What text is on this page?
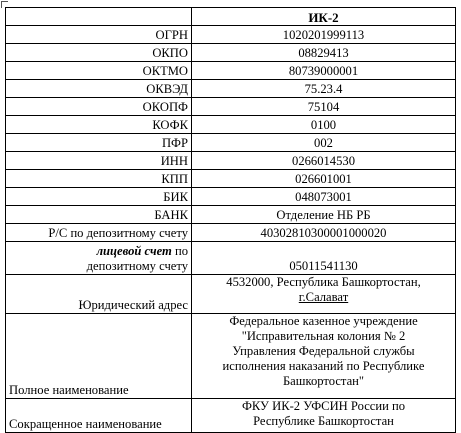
	ИК-2
ОГРН	1020201999113
ОКПО	08829413
ОКТМО	80739000001
ОКВЭД	75.23.4
ОКОПФ	75104
КОФК	0100
ПФР	002
ИНН	0266014530
КПП	026601001
БИК	048073001
БАНК	Отделение НБ РБ
Р/С по депозитному счету	40302810300001000020
лицевой счет по
депозитному счету	05011541130
Юридический адрес	4532000, Республика Башкортостан,
г.Салават
Полное наименование	Федеральное казенное учреждение
"Исправительная колония № 2
Управления Федеральной службы
исполнения наказаний по Республике
Башкортостан"
Сокращенное наименование	ФКУ ИК-2 УФСИН России по
Республике Башкортостан
